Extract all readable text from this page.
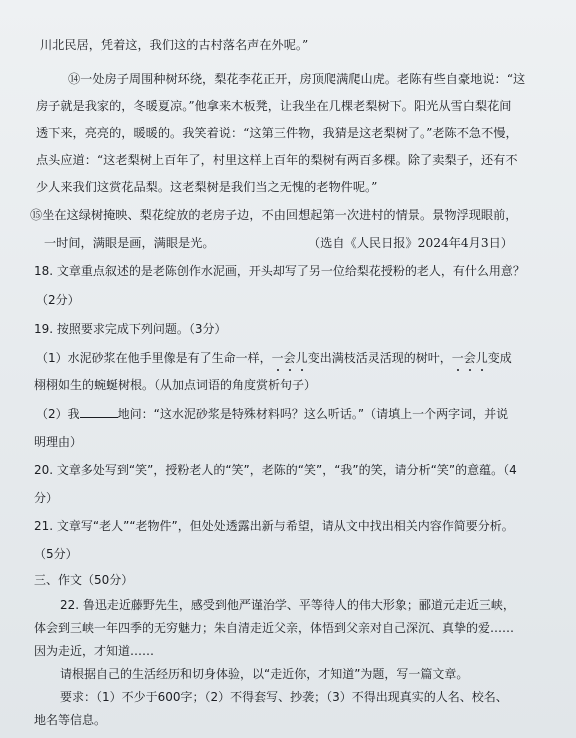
川北民居，凭着这，我们这的古村落名声在外呢。”
⑭一处房子周围种树环绕，梨花李花正开，房顶爬满爬山虎。老陈有些自豪地说：“这
房子就是我家的，冬暖夏凉。”他拿来木板凳，让我坐在几棵老梨树下。阳光从雪白梨花间
透下来，亮亮的，暖暖的。我笑着说：“这第三件物，我猜是这老梨树了。”老陈不急不慢，
点头应道：“这老梨树上百年了，村里这样上百年的梨树有两百多棵。除了卖梨子，还有不
少人来我们这赏花品梨。这老梨树是我们当之无愧的老物件呢。”
⑮坐在这绿树掩映、梨花绽放的老房子边，不由回想起第一次进村的情景。景物浮现眼前，
一时间，满眼是画，满眼是光。	（选自《人民日报》2024年4月3日）
18. 文章重点叙述的是老陈创作水泥画，开头却写了另一位给梨花授粉的老人，有什么用意？
（2分）
19. 按照要求完成下列问题。（3分）
（1）水泥砂浆在他手里像是有了生命一样，一会儿变出满枝活灵活现的树叶，一会儿变成
栩栩如生的蜿蜒树根。（从加点词语的角度赏析句子）
（2）我	地问：“这水泥砂浆是特殊材料吗？这么听话。”（请填上一个两字词，并说
明理由）
20. 文章多处写到“笑”，授粉老人的“笑”，老陈的“笑”，“我”的笑，请分析“笑”的意蕴。（4
分）
21. 文章写“老人”“老物件”，但处处透露出新与希望，请从文中找出相关内容作简要分析。
（5分）
三、作文（50分）
22. 鲁迅走近藤野先生，感受到他严谨治学、平等待人的伟大形象；郦道元走近三峡，
体会到三峡一年四季的无穷魅力；朱自清走近父亲，体悟到父亲对自己深沉、真挚的爱……
因为走近，才知道……
请根据自己的生活经历和切身体验，以“走近你，才知道”为题，写一篇文章。
要求：（1）不少于600字；（2）不得套写、抄袭；（3）不得出现真实的人名、校名、
地名等信息。
